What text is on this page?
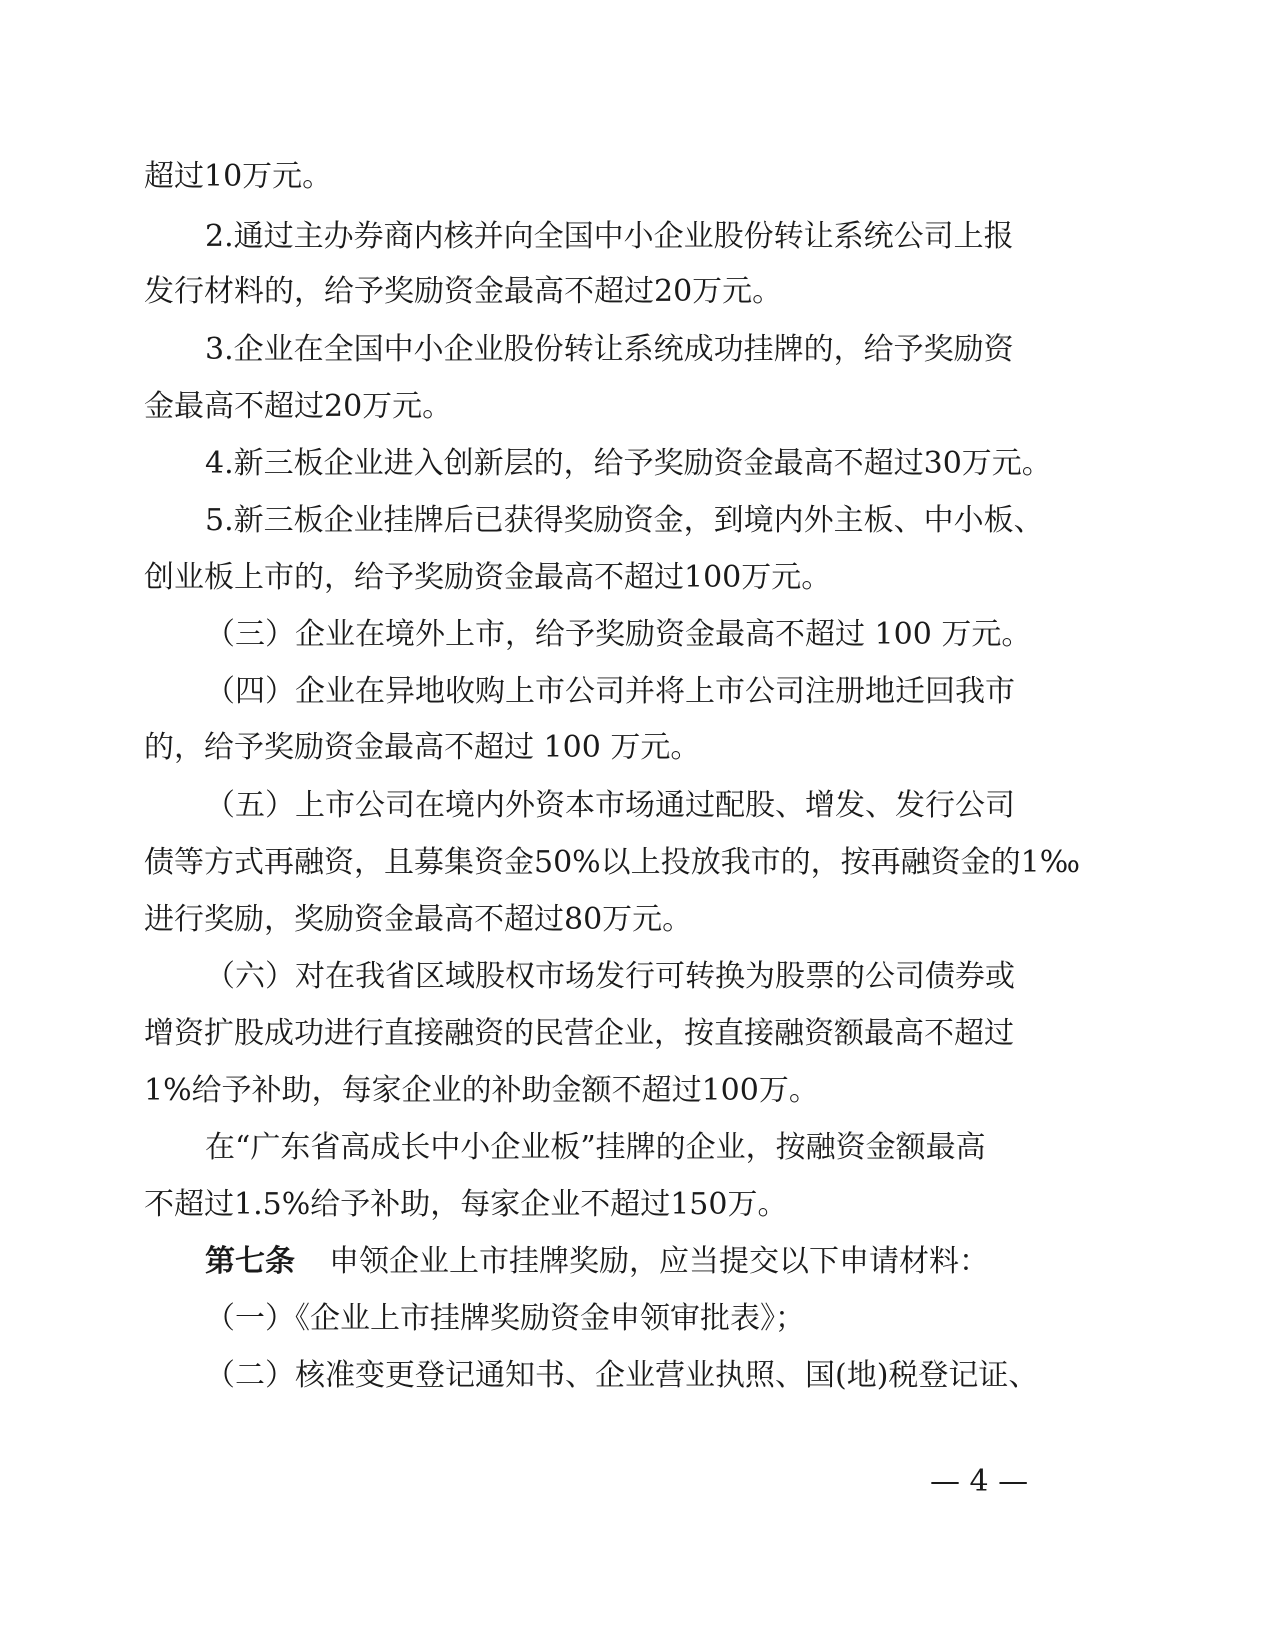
超过10万元。
2.通过主办券商内核并向全国中小企业股份转让系统公司上报
发行材料的，给予奖励资金最高不超过20万元。
3.企业在全国中小企业股份转让系统成功挂牌的，给予奖励资
金最高不超过20万元。
4.新三板企业进入创新层的，给予奖励资金最高不超过30万元。
5.新三板企业挂牌后已获得奖励资金，到境内外主板、中小板、
创业板上市的，给予奖励资金最高不超过100万元。
（三）企业在境外上市，给予奖励资金最高不超过 100 万元。
（四）企业在异地收购上市公司并将上市公司注册地迁回我市
的，给予奖励资金最高不超过 100 万元。
（五）上市公司在境内外资本市场通过配股、增发、发行公司
债等方式再融资，且募集资金50%以上投放我市的，按再融资金的1‰
进行奖励，奖励资金最高不超过80万元。
（六）对在我省区域股权市场发行可转换为股票的公司债券或
增资扩股成功进行直接融资的民营企业，按直接融资额最高不超过
1%给予补助，每家企业的补助金额不超过100万。
在“广东省高成长中小企业板”挂牌的企业，按融资金额最高
不超过1.5%给予补助，每家企业不超过150万。
第七条 申领企业上市挂牌奖励，应当提交以下申请材料：
（一）《企业上市挂牌奖励资金申领审批表》；
（二）核准变更登记通知书、企业营业执照、国(地)税登记证、
— 4 —
